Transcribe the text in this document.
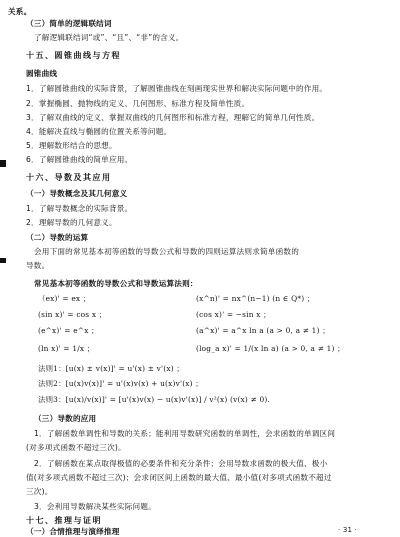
关系。
（三）简单的逻辑联结词
了解逻辑联结词“或”、“且”、“非”的含义。
十五、圆锥曲线与方程
圆锥曲线
1．了解圆锥曲线的实际背景，了解圆锥曲线在刻画现实世界和解决实际问题中的作用。
2．掌握椭圆、抛物线的定义、几何图形、标准方程及简单性质。
3．了解双曲线的定义、掌握双曲线的几何图形和标准方程，理解它的简单几何性质。
4．能解决直线与椭圆的位置关系等问题。
5．理解数形结合的思想。
6．了解圆锥曲线的简单应用。
十六、导数及其应用
（一）导数概念及其几何意义
1．了解导数概念的实际背景。
2．理解导数的几何意义。
（二）导数的运算
会用下面的常见基本初等函数的导数公式和导数的四则运算法则求简单函数的
导数。
常见基本初等函数的导数公式和导数运算法则：
（ex)' = ex ；	(x^n)' = nx^(n−1) (n ∈ Q*) ；
(sin x)' = cos x ；	(cos x)' = −sin x ；
(e^x)' = e^x ；	(a^x)' = a^x ln a (a > 0, a ≠ 1) ；
(ln x)' = 1/x ；	(log_a x)' = 1/(x ln a) (a > 0, a ≠ 1) ；
法则1：[u(x) ± v(x)]' = u'(x) ± v'(x) ；
法则2：[u(x)v(x)]' = u'(x)v(x) + u(x)v'(x) ；
法则3：[u(x)/v(x)]' = [u'(x)v(x) − u(x)v'(x)] / v²(x) (v(x) ≠ 0).
（三）导数的应用
1．了解函数单调性和导数的关系；能利用导数研究函数的单调性，会求函数的单调区间
(对多项式函数不超过三次)。
2．了解函数在某点取得极值的必要条件和充分条件；会用导数求函数的极大值、极小
值(对多项式函数不超过三次)；会求闭区间上函数的最大值、最小值(对多项式函数不超过
三次)。
3．会利用导数解决某些实际问题。
十七、推理与证明
（一）合情推理与演绎推理	· 31 ·
